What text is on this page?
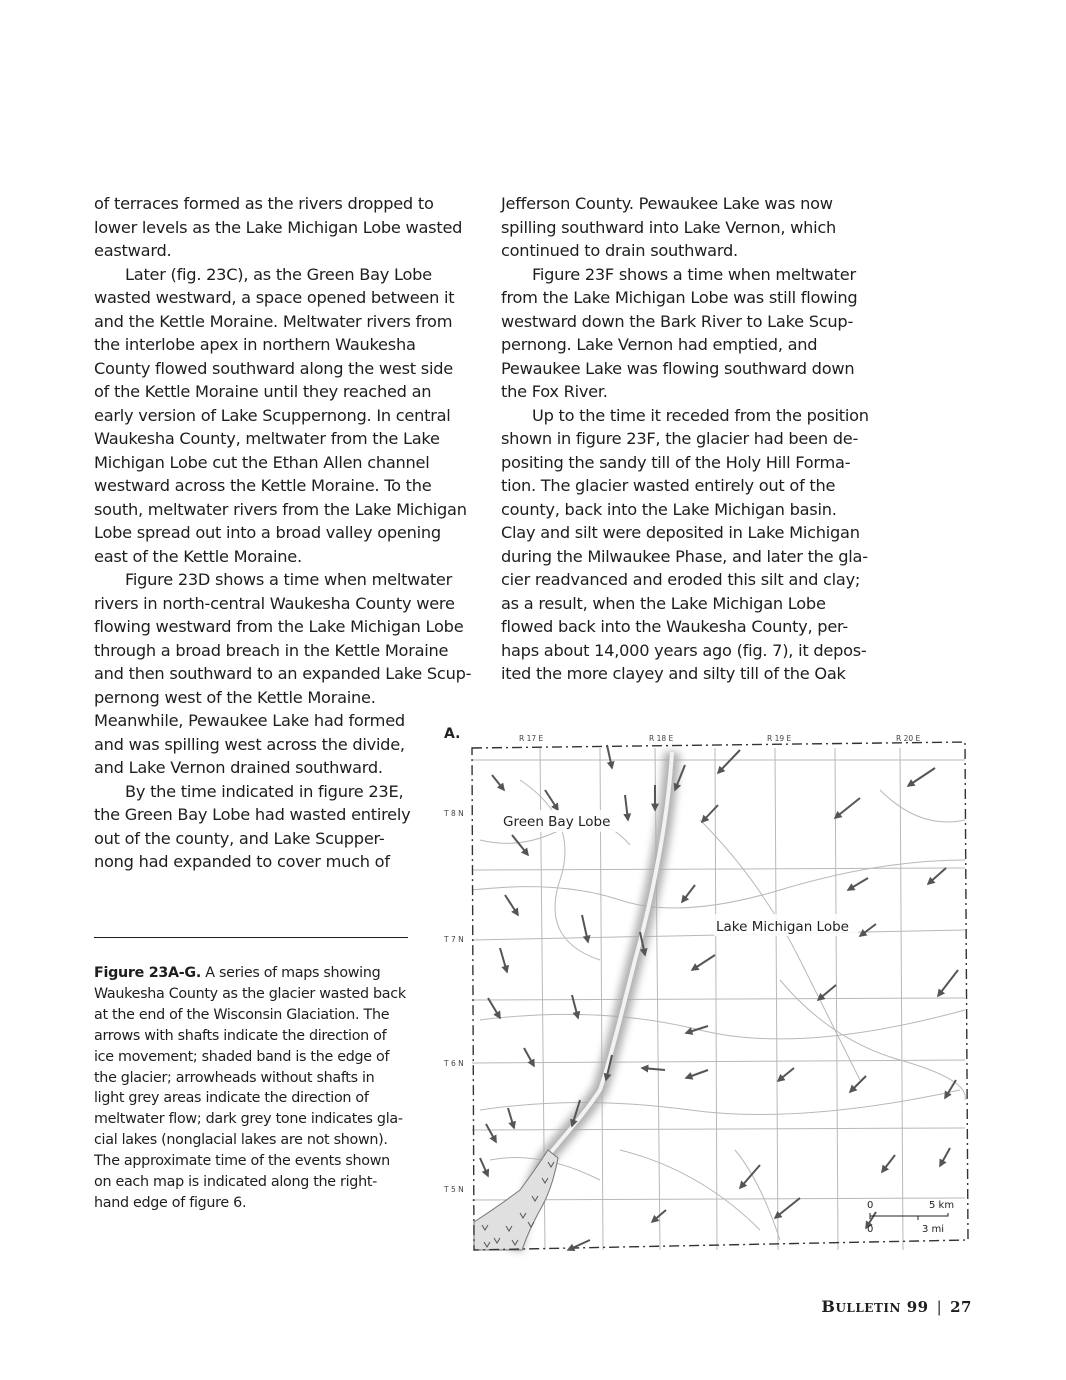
of terraces formed as the rivers dropped to
lower levels as the Lake Michigan Lobe wasted
eastward.
Later (fig. 23C), as the Green Bay Lobe
wasted westward, a space opened between it
and the Kettle Moraine. Meltwater rivers from
the interlobe apex in northern Waukesha
County flowed southward along the west side
of the Kettle Moraine until they reached an
early version of Lake Scuppernong. In central
Waukesha County, meltwater from the Lake
Michigan Lobe cut the Ethan Allen channel
westward across the Kettle Moraine. To the
south, meltwater rivers from the Lake Michigan
Lobe spread out into a broad valley opening
east of the Kettle Moraine.
Figure 23D shows a time when meltwater
rivers in north-central Waukesha County were
flowing westward from the Lake Michigan Lobe
through a broad breach in the Kettle Moraine
and then southward to an expanded Lake Scup-
pernong west of the Kettle Moraine.
Meanwhile, Pewaukee Lake had formed
and was spilling west across the divide,
and Lake Vernon drained southward.
By the time indicated in figure 23E,
the Green Bay Lobe had wasted entirely
out of the county, and Lake Scupper-
nong had expanded to cover much of
Jefferson County. Pewaukee Lake was now
spilling southward into Lake Vernon, which
continued to drain southward.
Figure 23F shows a time when meltwater
from the Lake Michigan Lobe was still flowing
westward down the Bark River to Lake Scup-
pernong. Lake Vernon had emptied, and
Pewaukee Lake was flowing southward down
the Fox River.
Up to the time it receded from the position
shown in figure 23F, the glacier had been de-
positing the sandy till of the Holy Hill Forma-
tion. The glacier wasted entirely out of the
county, back into the Lake Michigan basin.
Clay and silt were deposited in Lake Michigan
during the Milwaukee Phase, and later the gla-
cier readvanced and eroded this silt and clay;
as a result, when the Lake Michigan Lobe
flowed back into the Waukesha County, per-
haps about 14,000 years ago (fig. 7), it depos-
ited the more clayey and silty till of the Oak
Figure 23A-G. A series of maps showing
Waukesha County as the glacier wasted back
at the end of the Wisconsin Glaciation. The
arrows with shafts indicate the direction of
ice movement; shaded band is the edge of
the glacier; arrowheads without shafts in
light grey areas indicate the direction of
meltwater flow; dark grey tone indicates gla-
cial lakes (nonglacial lakes are not shown).
The approximate time of the events shown
on each map is indicated along the right-
hand edge of figure 6.
A.	R 17 E	R 18 E	R 19 E	R 20 E
T 8 N
T 7 N
T 6 N
T 5 N
Green Bay Lobe
Lake Michigan Lobe
0	5 km
0	3 mi
BULLETIN 99 | 27
